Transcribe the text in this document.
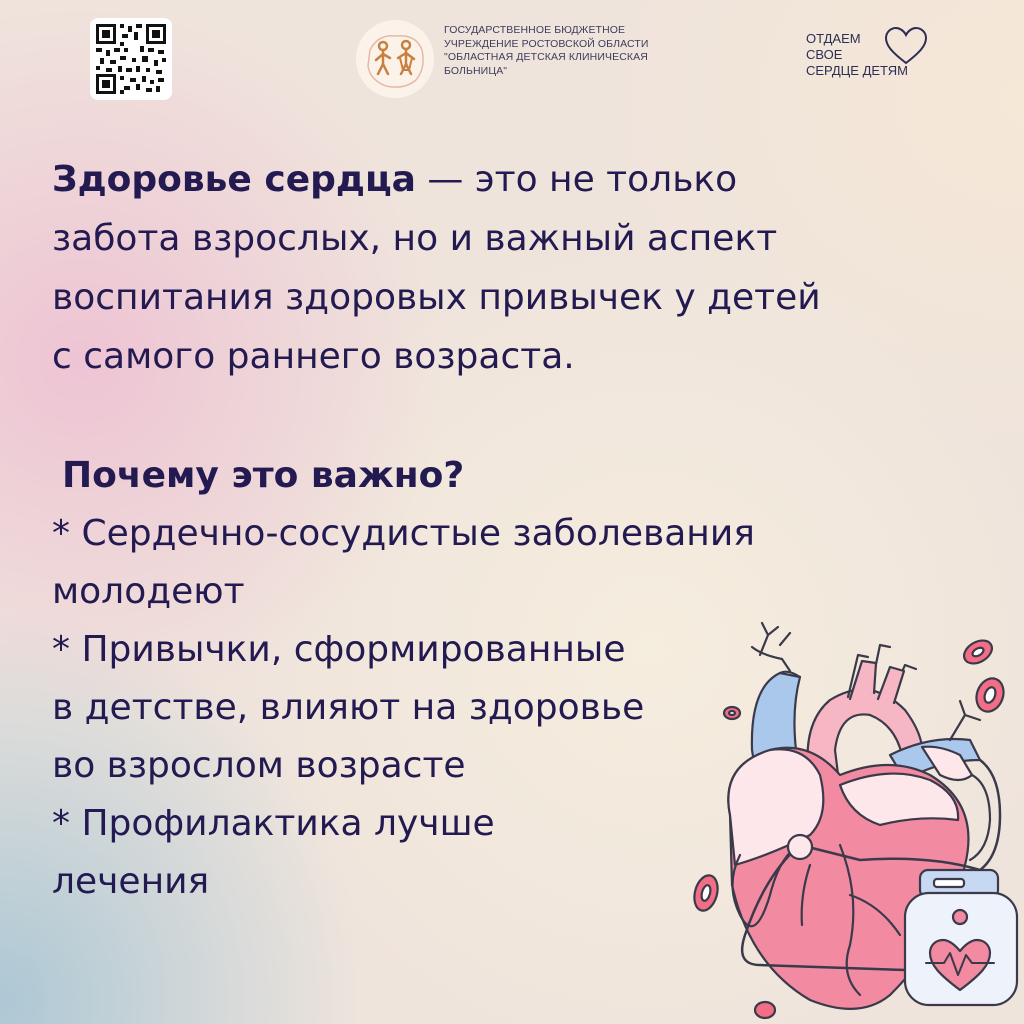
ГОСУДАРСТВЕННОЕ БЮДЖЕТНОЕ
УЧРЕЖДЕНИЕ РОСТОВСКОЙ ОБЛАСТИ
"ОБЛАСТНАЯ ДЕТСКАЯ КЛИНИЧЕСКАЯ
БОЛЬНИЦА"
ОТДАЕМ
СВОЕ
СЕРДЦЕ ДЕТЯМ
Здоровье сердца — это не только
забота взрослых, но и важный аспект
воспитания здоровых привычек у детей
с самого раннего возраста.
Почему это важно?
* Сердечно-сосудистые заболевания
молодеют
* Привычки, сформированные
в детстве, влияют на здоровье
во взрослом возрасте
* Профилактика лучше
лечения
